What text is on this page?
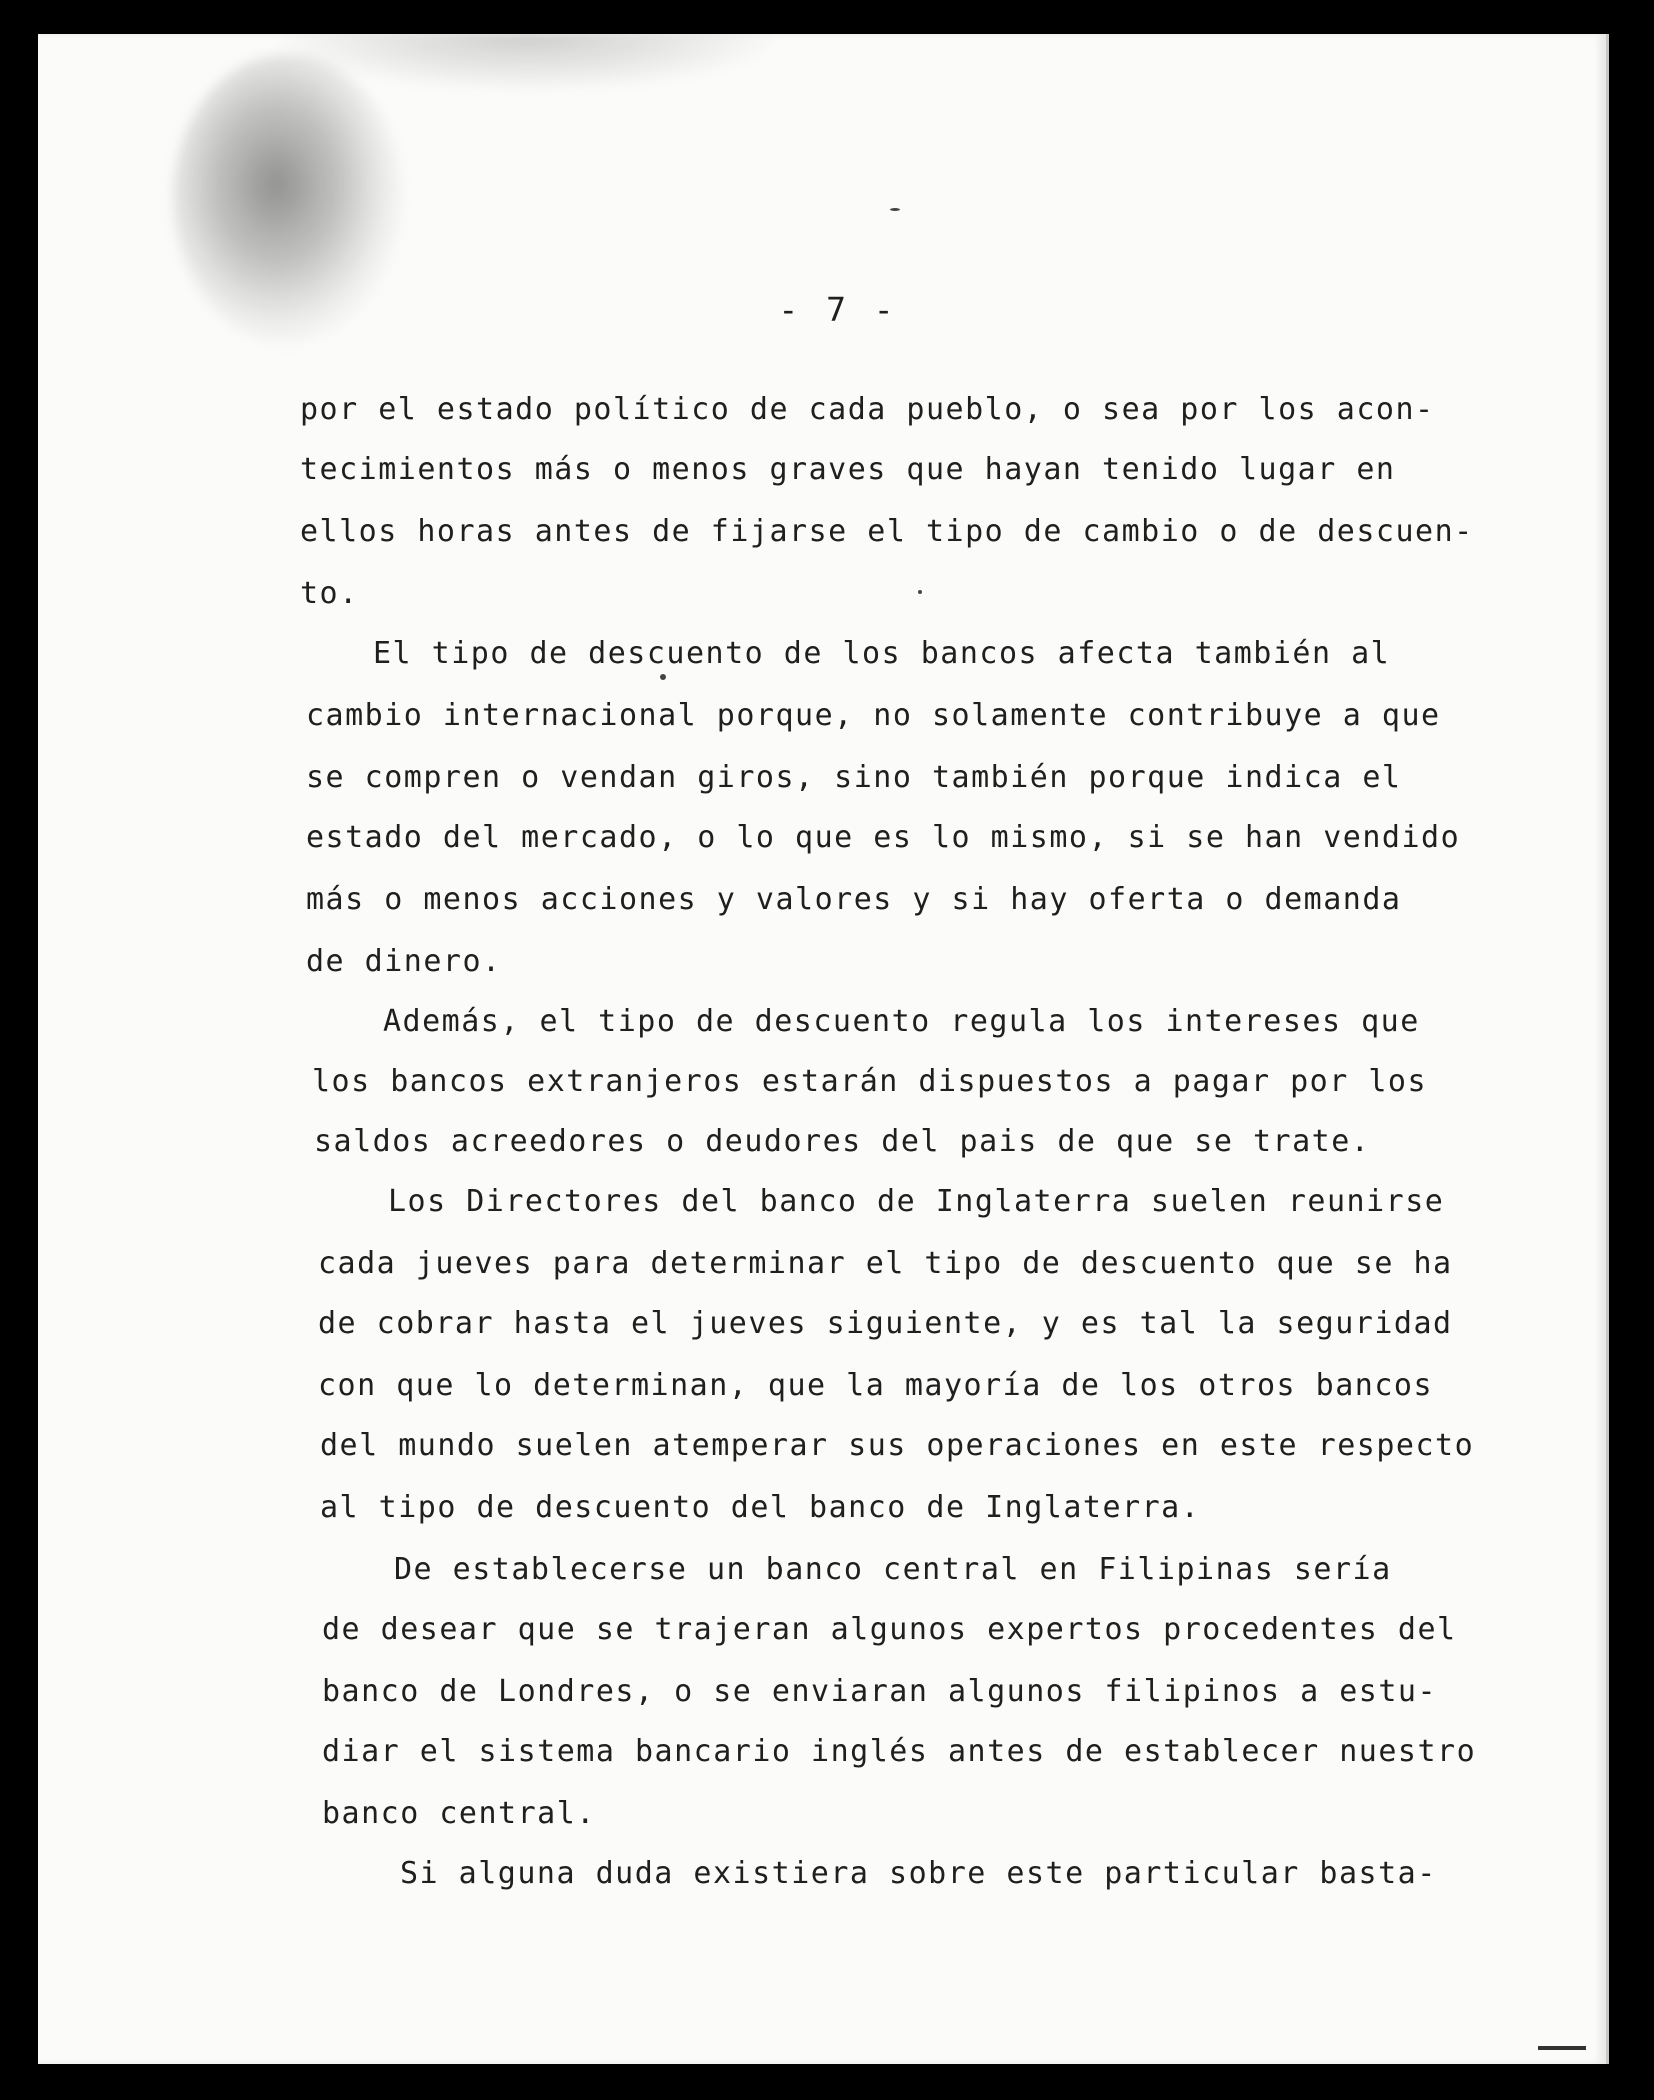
- 7 -
por el estado político de cada pueblo, o sea por los acon-
tecimientos más o menos graves que hayan tenido lugar en
ellos horas antes de fijarse el tipo de cambio o de descuen-
to.
El tipo de descuento de los bancos afecta también al
cambio internacional porque, no solamente contribuye a que
se compren o vendan giros, sino también porque indica el
estado del mercado, o lo que es lo mismo, si se han vendido
más o menos acciones y valores y si hay oferta o demanda
de dinero.
Además, el tipo de descuento regula los intereses que
los bancos extranjeros estarán dispuestos a pagar por los
saldos acreedores o deudores del pais de que se trate.
Los Directores del banco de Inglaterra suelen reunirse
cada jueves para determinar el tipo de descuento que se ha
de cobrar hasta el jueves siguiente, y es tal la seguridad
con que lo determinan, que la mayoría de los otros bancos
del mundo suelen atemperar sus operaciones en este respecto
al tipo de descuento del banco de Inglaterra.
De establecerse un banco central en Filipinas sería
de desear que se trajeran algunos expertos procedentes del
banco de Londres, o se enviaran algunos filipinos a estu-
diar el sistema bancario inglés antes de establecer nuestro
banco central.
Si alguna duda existiera sobre este particular basta-
